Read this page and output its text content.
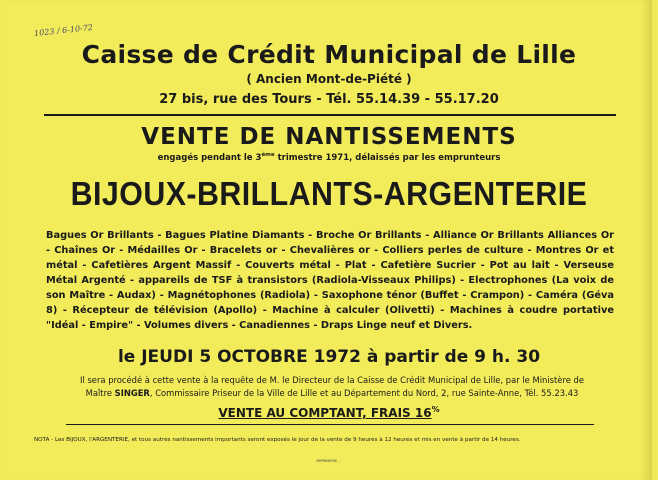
1023 / 6-10-72
Caisse de Crédit Municipal de Lille
( Ancien Mont-de-Piété )
27 bis, rue des Tours - Tél. 55.14.39 - 55.17.20
VENTE DE NANTISSEMENTS
engagés pendant le 3ème trimestre 1971, délaissés par les emprunteurs
BIJOUX-BRILLANTS-ARGENTERIE
Bagues Or Brillants - Bagues Platine Diamants - Broche Or Brillants - Alliance Or Brillants Alliances Or - Chaînes Or - Médailles Or - Bracelets or - Chevalières or - Colliers perles de culture - Montres Or et métal - Cafetières Argent Massif - Couverts métal - Plat - Cafetière Sucrier - Pot au lait - Verseuse Métal Argenté - appareils de TSF à transistors (Radiola-Visseaux Philips) - Electrophones (La voix de son Maître - Audax) - Magnétophones (Radiola) - Saxophone ténor (Buffet - Crampon) - Caméra (Géva 8) - Récepteur de télévision (Apollo) - Machine à calculer (Olivetti) - Machines à coudre portative "Idéal - Empire" - Volumes divers - Canadiennes - Draps Linge neuf et Divers.
le JEUDI 5 OCTOBRE 1972 à partir de 9 h. 30
Il sera procédé à cette vente à la requête de M. le Directeur de la Caisse de Crédit Municipal de Lille, par le Ministère de
Maître SINGER, Commissaire Priseur de la Ville de Lille et au Département du Nord, 2, rue Sainte-Anne, Tél. 55.23.43
VENTE AU COMPTANT, FRAIS 16%
NOTA - Les BIJOUX, l'ARGENTERIE, et tous autres nantissements importants seront exposés le jour de la vente de 9 heures à 12 heures et mis en vente à partir de 14 heures.
IMPRIMERIE ...
